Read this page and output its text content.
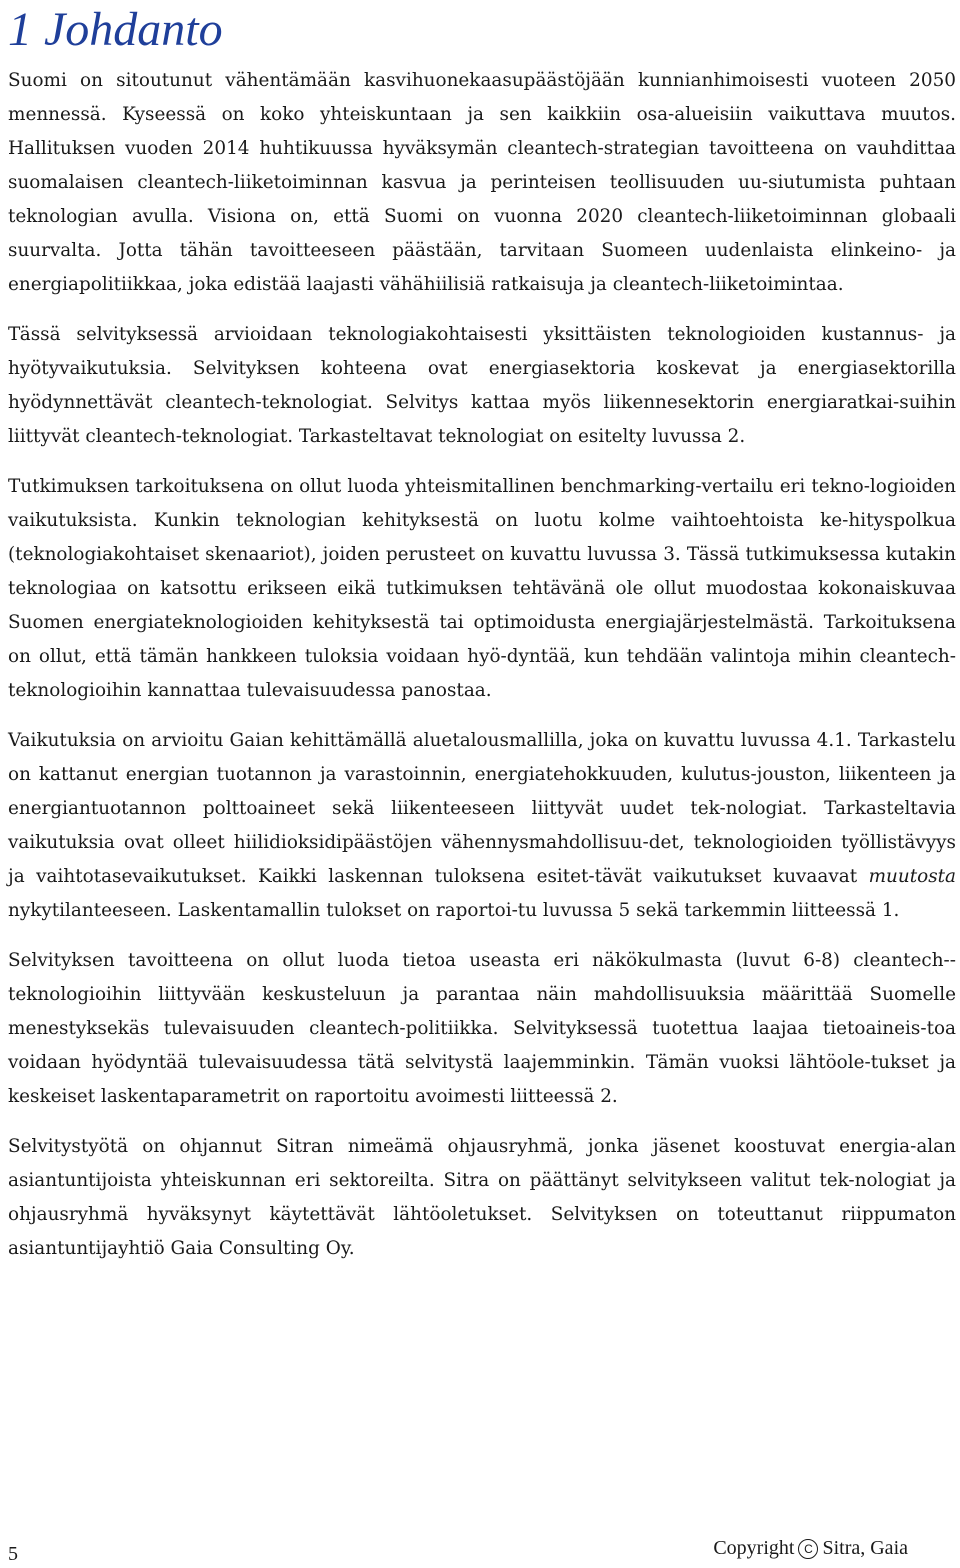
1 Johdanto

Suomi on sitoutunut vähentämään kasvihuonekaasupäästöjään kunnianhimoisesti vuoteen 2050 mennessä. Kyseessä on koko yhteiskuntaan ja sen kaikkiin osa-alueisiin vaikuttava muutos. Hallituksen vuoden 2014 huhtikuussa hyväksymän cleantech-strategian tavoitteena on vauhdittaa suomalaisen cleantech-liiketoiminnan kasvua ja perinteisen teollisuuden uu-siutumista puhtaan teknologian avulla. Visiona on, että Suomi on vuonna 2020 cleantech-liiketoiminnan globaali suurvalta. Jotta tähän tavoitteeseen päästään, tarvitaan Suomeen uudenlaista elinkeino- ja energiapolitiikkaa, joka edistää laajasti vähähiilisiä ratkaisuja ja cleantech-liiketoimintaa.

Tässä selvityksessä arvioidaan teknologiakohtaisesti yksittäisten teknologioiden kustannus- ja hyötyvaikutuksia. Selvityksen kohteena ovat energiasektoria koskevat ja energiasektorilla hyödynnettävät cleantech-teknologiat. Selvitys kattaa myös liikennesektorin energiaratkai-suihin liittyvät cleantech-teknologiat. Tarkasteltavat teknologiat on esitelty luvussa 2.

Tutkimuksen tarkoituksena on ollut luoda yhteismitallinen benchmarking-vertailu eri tekno-logioiden vaikutuksista. Kunkin teknologian kehityksestä on luotu kolme vaihtoehtoista ke-hityspolkua (teknologiakohtaiset skenaariot), joiden perusteet on kuvattu luvussa 3. Tässä tutkimuksessa kutakin teknologiaa on katsottu erikseen eikä tutkimuksen tehtävänä ole ollut muodostaa kokonaiskuvaa Suomen energiateknologioiden kehityksestä tai optimoidusta energiajärjestelmästä. Tarkoituksena on ollut, että tämän hankkeen tuloksia voidaan hyö-dyntää, kun tehdään valintoja mihin cleantech-teknologioihin kannattaa tulevaisuudessa panostaa.

Vaikutuksia on arvioitu Gaian kehittämällä aluetalousmallilla, joka on kuvattu luvussa 4.1. Tarkastelu on kattanut energian tuotannon ja varastoinnin, energiatehokkuuden, kulutus-jouston, liikenteen ja energiantuotannon polttoaineet sekä liikenteeseen liittyvät uudet tek-nologiat. Tarkasteltavia vaikutuksia ovat olleet hiilidioksidipäästöjen vähennysmahdollisuu-det, teknologioiden työllistävyys ja vaihtotasevaikutukset. Kaikki laskennan tuloksena esitet-tävät vaikutukset kuvaavat muutosta nykytilanteeseen. Laskentamallin tulokset on raportoi-tu luvussa 5 sekä tarkemmin liitteessä 1.

Selvityksen tavoitteena on ollut luoda tietoa useasta eri näkökulmasta (luvut 6-8) cleantech-teknologioihin liittyvään keskusteluun ja parantaa näin mahdollisuuksia määrittää Suomelle menestyksekäs tulevaisuuden cleantech-politiikka. Selvityksessä tuotettua laajaa tietoaineis-toa voidaan hyödyntää tulevaisuudessa tätä selvitystä laajemminkin. Tämän vuoksi lähtöole-tukset ja keskeiset laskentaparametrit on raportoitu avoimesti liitteessä 2.

Selvitystyötä on ohjannut Sitran nimeämä ohjausryhmä, jonka jäsenet koostuvat energia-alan asiantuntijoista yhteiskunnan eri sektoreilta. Sitra on päättänyt selvitykseen valitut tek-nologiat ja ohjausryhmä hyväksynyt käytettävät lähtöoletukset. Selvityksen on toteuttanut riippumaton asiantuntijayhtiö Gaia Consulting Oy.

5	Copyright C Sitra, Gaia
